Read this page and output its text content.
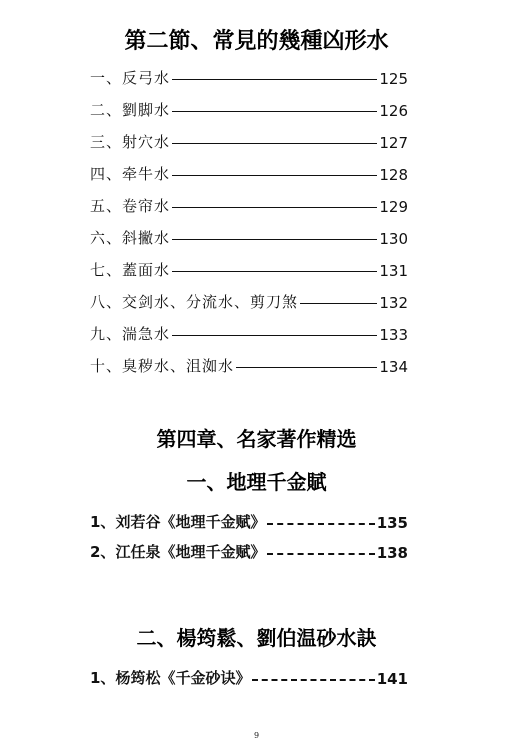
第二節、常見的幾種凶形水
一、 反弓水	125
二、 劉脚水	126
三、 射穴水	127
四、 牵牛水	128
五、 卷帘水	129
六、 斜撇水	130
七、 蓋面水	131
八、 交剑水、分流水、剪刀煞	132
九、 湍急水	133
十、 臭秽水、沮洳水	134
第四章、名家著作精选
一、地理千金賦
1、 刘若谷《地理千金赋》	135
2、 江任泉《地理千金赋》	138
二、楊筠鬆、劉伯温砂水訣
1、 杨筠松《千金砂诀》	141
9
